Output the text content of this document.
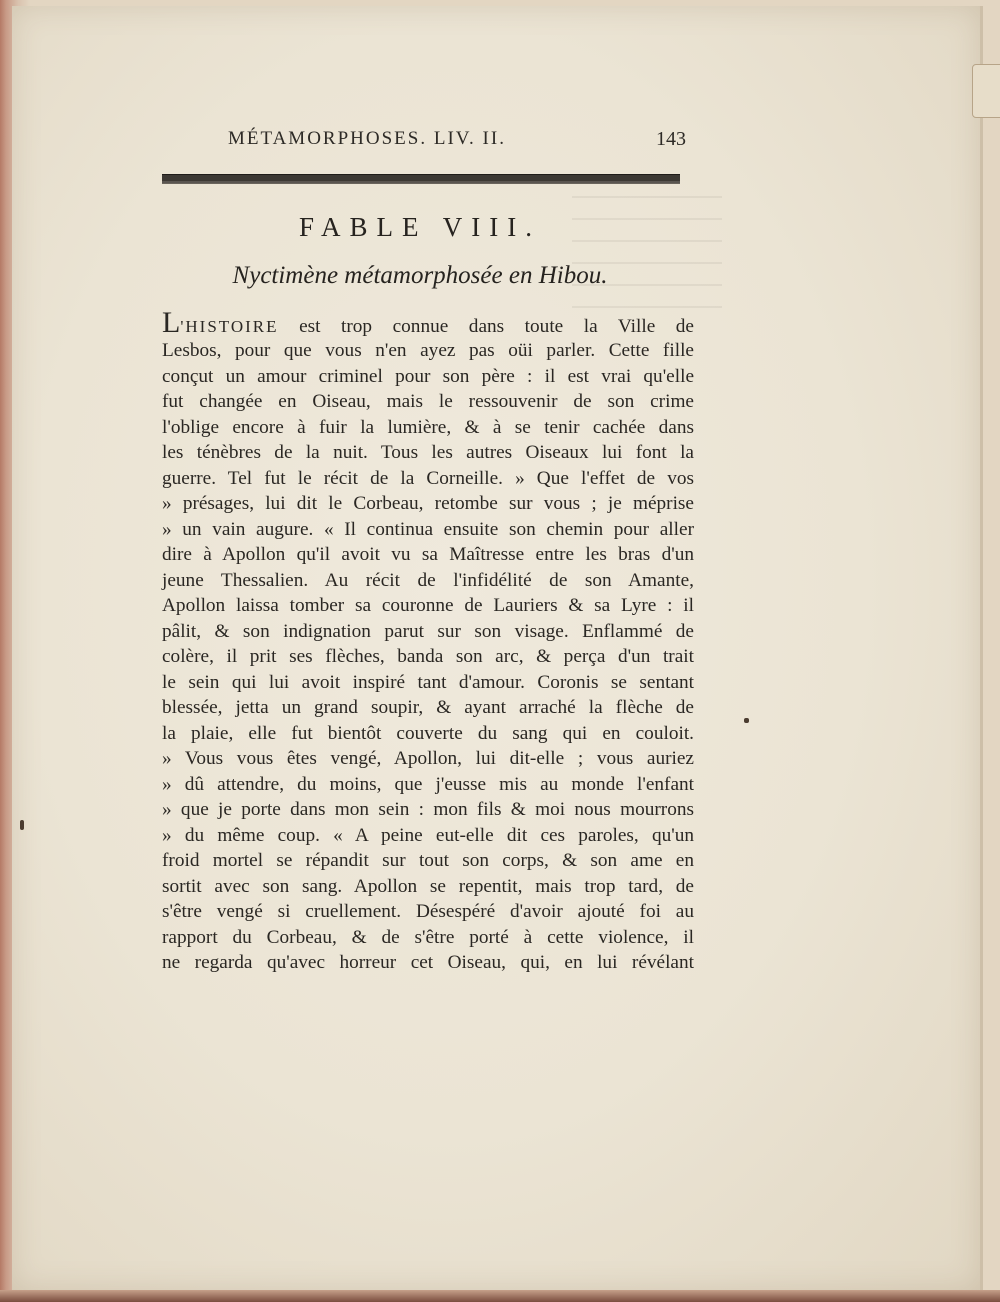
MÉTAMORPHOSES. LIV. II.	143
FABLE VIII.
Nyctimène métamorphosée en Hibou.
L'HISTOIRE est trop connue dans toute la Ville de
Lesbos, pour que vous n'en ayez pas oüi parler. Cette fille
conçut un amour criminel pour son père : il est vrai qu'elle
fut changée en Oiseau, mais le ressouvenir de son crime
l'oblige encore à fuir la lumière, & à se tenir cachée dans
les ténèbres de la nuit. Tous les autres Oiseaux lui font la
guerre. Tel fut le récit de la Corneille. » Que l'effet de vos
» présages, lui dit le Corbeau, retombe sur vous ; je méprise
» un vain augure. « Il continua ensuite son chemin pour aller
dire à Apollon qu'il avoit vu sa Maîtresse entre les bras d'un
jeune Thessalien. Au récit de l'infidélité de son Amante,
Apollon laissa tomber sa couronne de Lauriers & sa Lyre : il
pâlit, & son indignation parut sur son visage. Enflammé de
colère, il prit ses flèches, banda son arc, & perça d'un trait
le sein qui lui avoit inspiré tant d'amour. Coronis se sentant
blessée, jetta un grand soupir, & ayant arraché la flèche de
la plaie, elle fut bientôt couverte du sang qui en couloit.
» Vous vous êtes vengé, Apollon, lui dit-elle ; vous auriez
» dû attendre, du moins, que j'eusse mis au monde l'enfant
» que je porte dans mon sein : mon fils & moi nous mourrons
» du même coup. « A peine eut-elle dit ces paroles, qu'un
froid mortel se répandit sur tout son corps, & son ame en
sortit avec son sang. Apollon se repentit, mais trop tard, de
s'être vengé si cruellement. Désespéré d'avoir ajouté foi au
rapport du Corbeau, & de s'être porté à cette violence, il
ne regarda qu'avec horreur cet Oiseau, qui, en lui révélant
